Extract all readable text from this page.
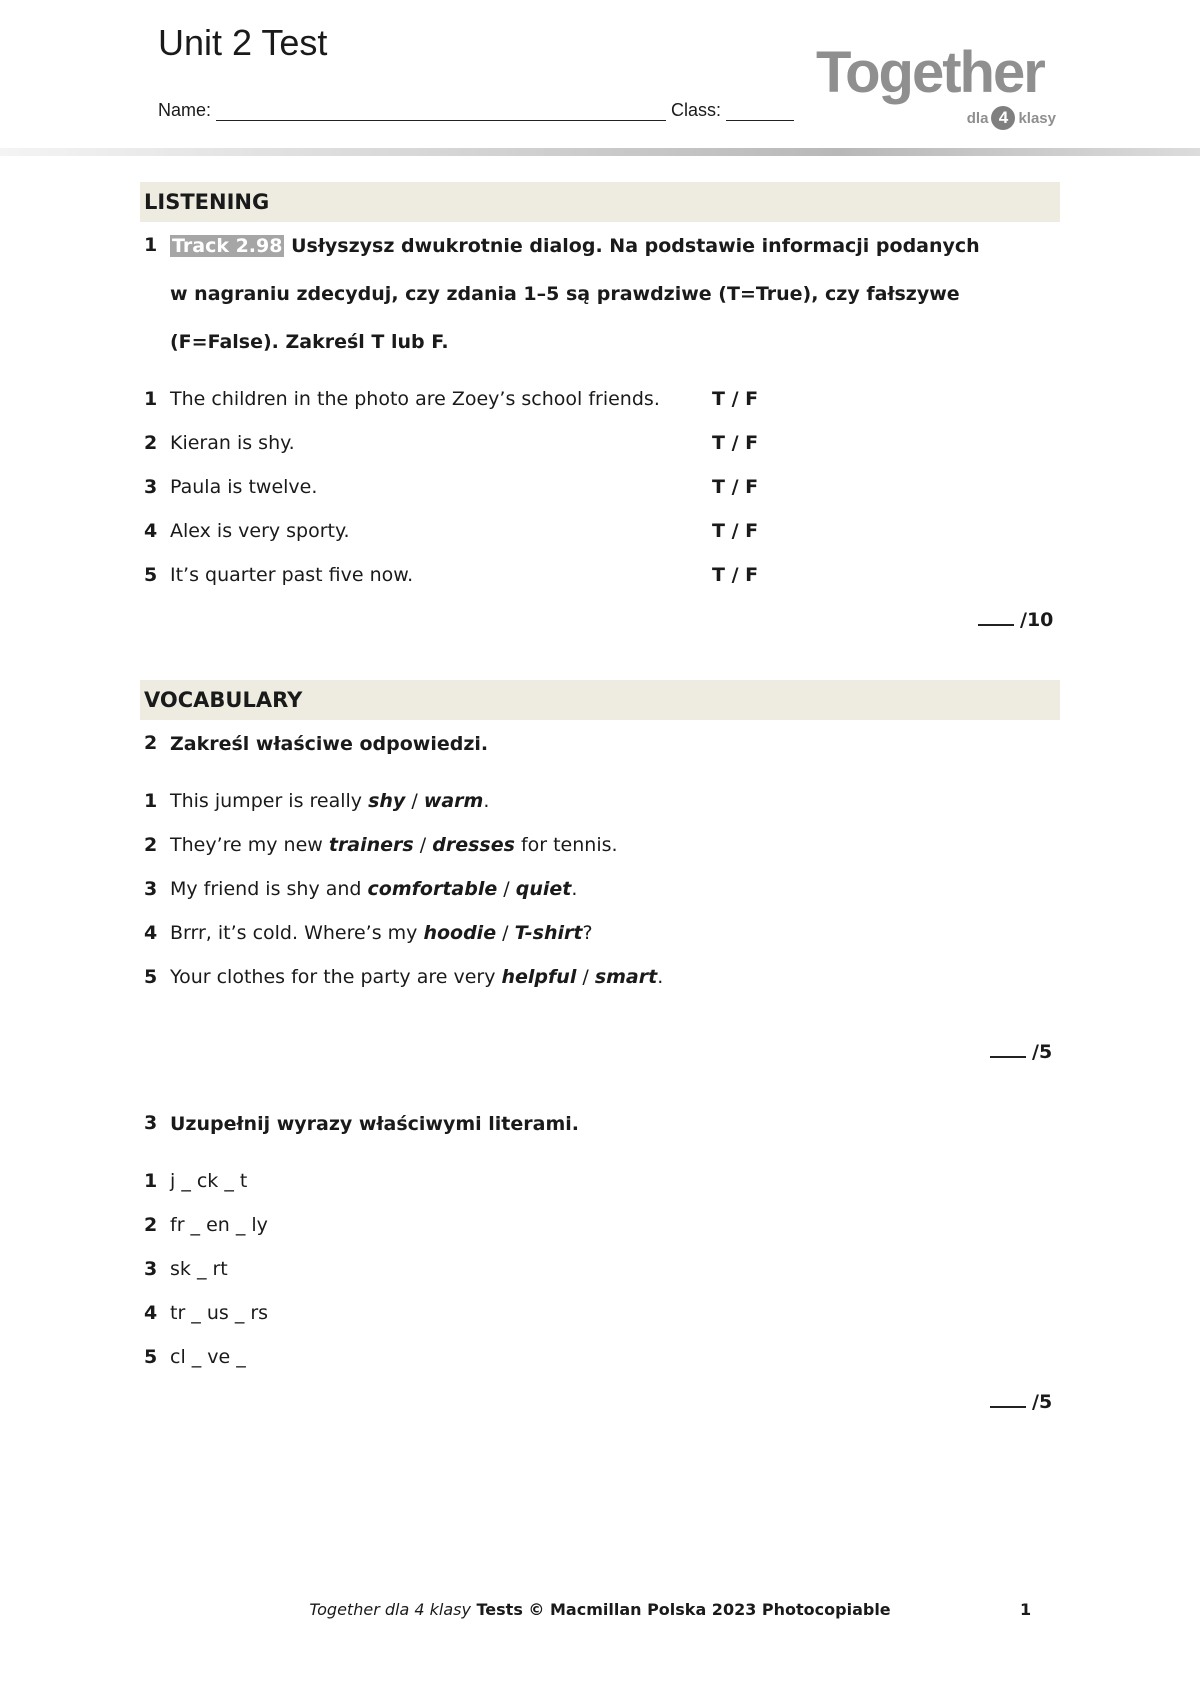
Unit 2 Test
Name:	Class:
Together
dla 4 klasy
LISTENING
1 Track 2.98 Usłyszysz dwukrotnie dialog. Na podstawie informacji podanych
w nagraniu zdecyduj, czy zdania 1–5 są prawdziwe (T=True), czy fałszywe
(F=False). Zakreśl T lub F.
1 The children in the photo are Zoey’s school friends.	T / F
2 Kieran is shy.	T / F
3 Paula is twelve.	T / F
4 Alex is very sporty.	T / F
5 It’s quarter past five now.	T / F
/10
VOCABULARY
2 Zakreśl właściwe odpowiedzi.
1 This jumper is really shy / warm.
2 They’re my new trainers / dresses for tennis.
3 My friend is shy and comfortable / quiet.
4 Brrr, it’s cold. Where’s my hoodie / T-shirt?
5 Your clothes for the party are very helpful / smart.
/5
3 Uzupełnij wyrazy właściwymi literami.
1 j _ ck _ t
2 fr _ en _ ly
3 sk _ rt
4 tr _ us _ rs
5 cl _ ve _
/5
Together dla 4 klasy Tests © Macmillan Polska 2023 Photocopiable	1
